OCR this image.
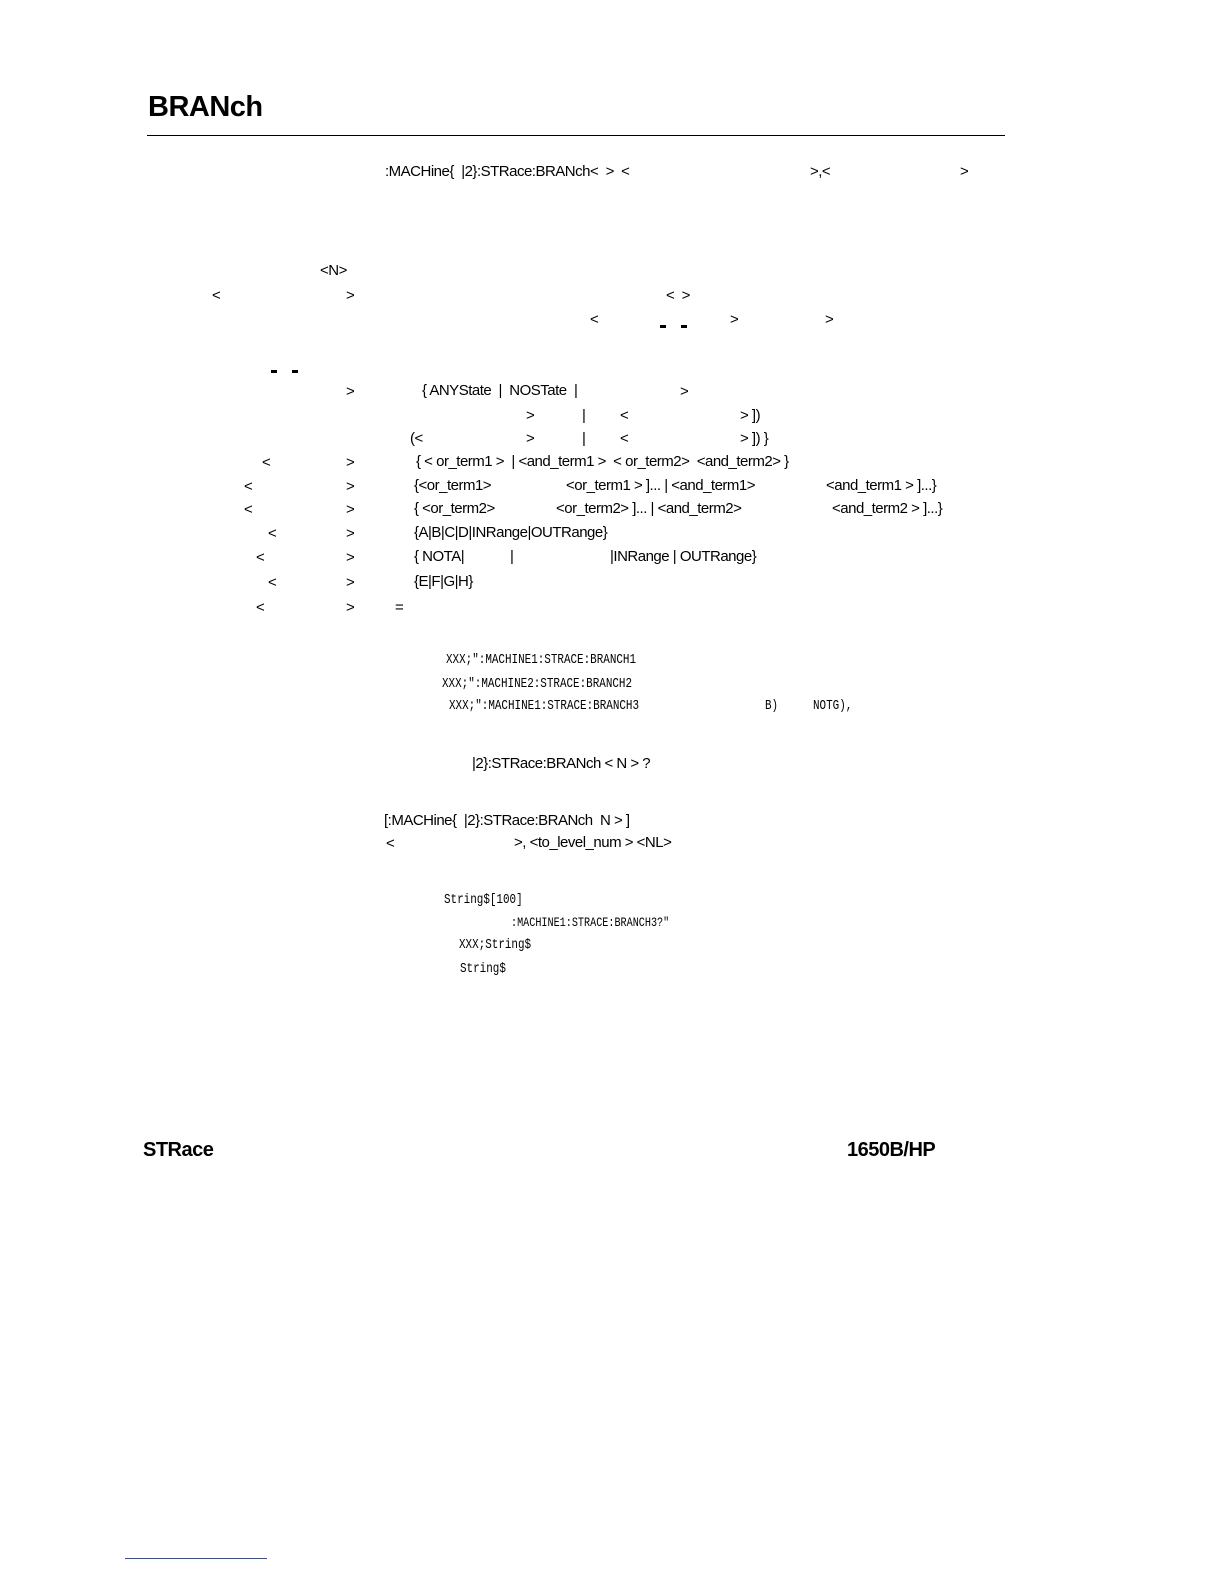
BRANch
:MACHine{  |2}:STRace:BRANch<  >  <	>,<	>
<N>
<	>	<  >
<	>	>
>	{ ANYState  |  NOSTate  |	>
>	| <	> ])
(<	>	| <	> ]) }
<	>	{ < or_term1 >  | <and_term1 >  < or_term2>  <and_term2> }
<	>	{<or_term1>	<or_term1 > ]... | <and_term1>	<and_term1 > ]...}
<	>	{ <or_term2>	<or_term2> ]... | <and_term2>	<and_term2 > ]...}
<	>	{A|B|C|D|INRange|OUTRange}
<	>	{ NOTA|	|	|INRange | OUTRange}
<	>	{E|F|G|H}
<	>	=
XXX;":MACHINE1:STRACE:BRANCH1
XXX;":MACHINE2:STRACE:BRANCH2
XXX;":MACHINE1:STRACE:BRANCH3	B) NOTG),
|2}:STRace:BRANch < N > ?
[:MACHine{  |2}:STRace:BRANch  N > ]
<	>, <to_level_num > <NL>
String$[100]
:MACHINE1:STRACE:BRANCH3?"
XXX;String$
String$
STRace	1650B/HP
